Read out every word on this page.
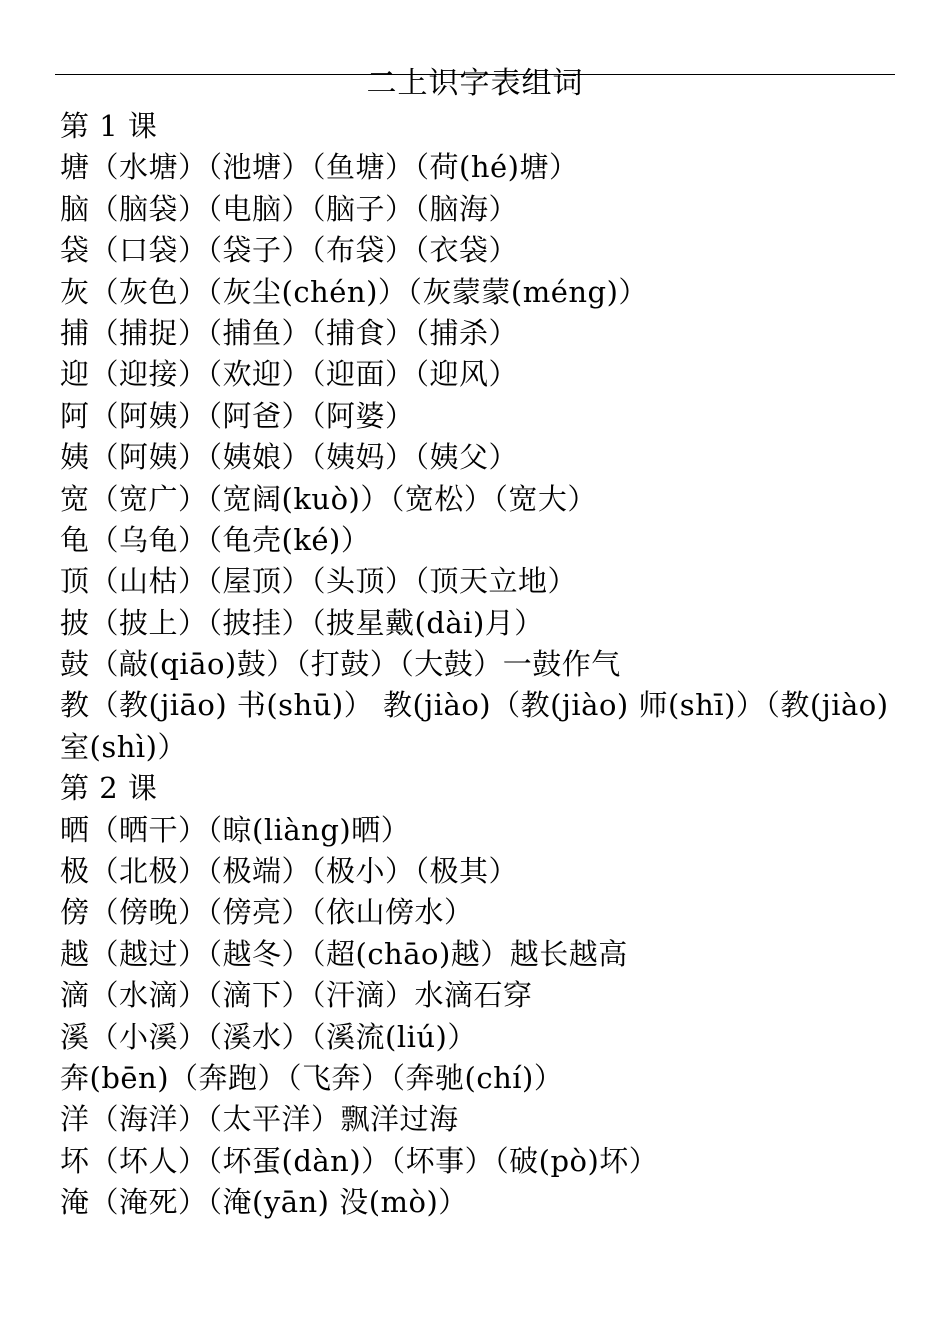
二上识字表组词
第 1 课
塘（水塘）（池塘）（鱼塘）（荷(hé)塘）
脑（脑袋）（电脑）（脑子）（脑海）
袋（口袋）（袋子）（布袋）（衣袋）
灰（灰色）（灰尘(chén)）（灰蒙蒙(méng)）
捕（捕捉）（捕鱼）（捕食）（捕杀）
迎（迎接）（欢迎）（迎面）（迎风）
阿（阿姨）（阿爸）（阿婆）
姨（阿姨）（姨娘）（姨妈）（姨父）
宽（宽广）（宽阔(kuò)）（宽松）（宽大）
龟（乌龟）（龟壳(ké)）
顶（山枯）（屋顶）（头顶）（顶天立地）
披（披上）（披挂）（披星戴(dài)月）
鼓（敲(qiāo)鼓）（打鼓）（大鼓）一鼓作气
教（教(jiāo) 书(shū)） 教(jiào)（教(jiào) 师(shī)）（教(jiào)
室(shì)）
第 2 课
晒（晒干）（晾(liàng)晒）
极（北极）（极端）（极小）（极其）
傍（傍晚）（傍亮）（依山傍水）
越（越过）（越冬）（超(chāo)越）越长越高
滴（水滴）（滴下）（汗滴）水滴石穿
溪（小溪）（溪水）（溪流(liú)）
奔(bēn)（奔跑）（飞奔）（奔驰(chí)）
洋（海洋）（太平洋）飘洋过海
坏（坏人）（坏蛋(dàn)）（坏事）（破(pò)坏）
淹（淹死）（淹(yān) 没(mò)）
